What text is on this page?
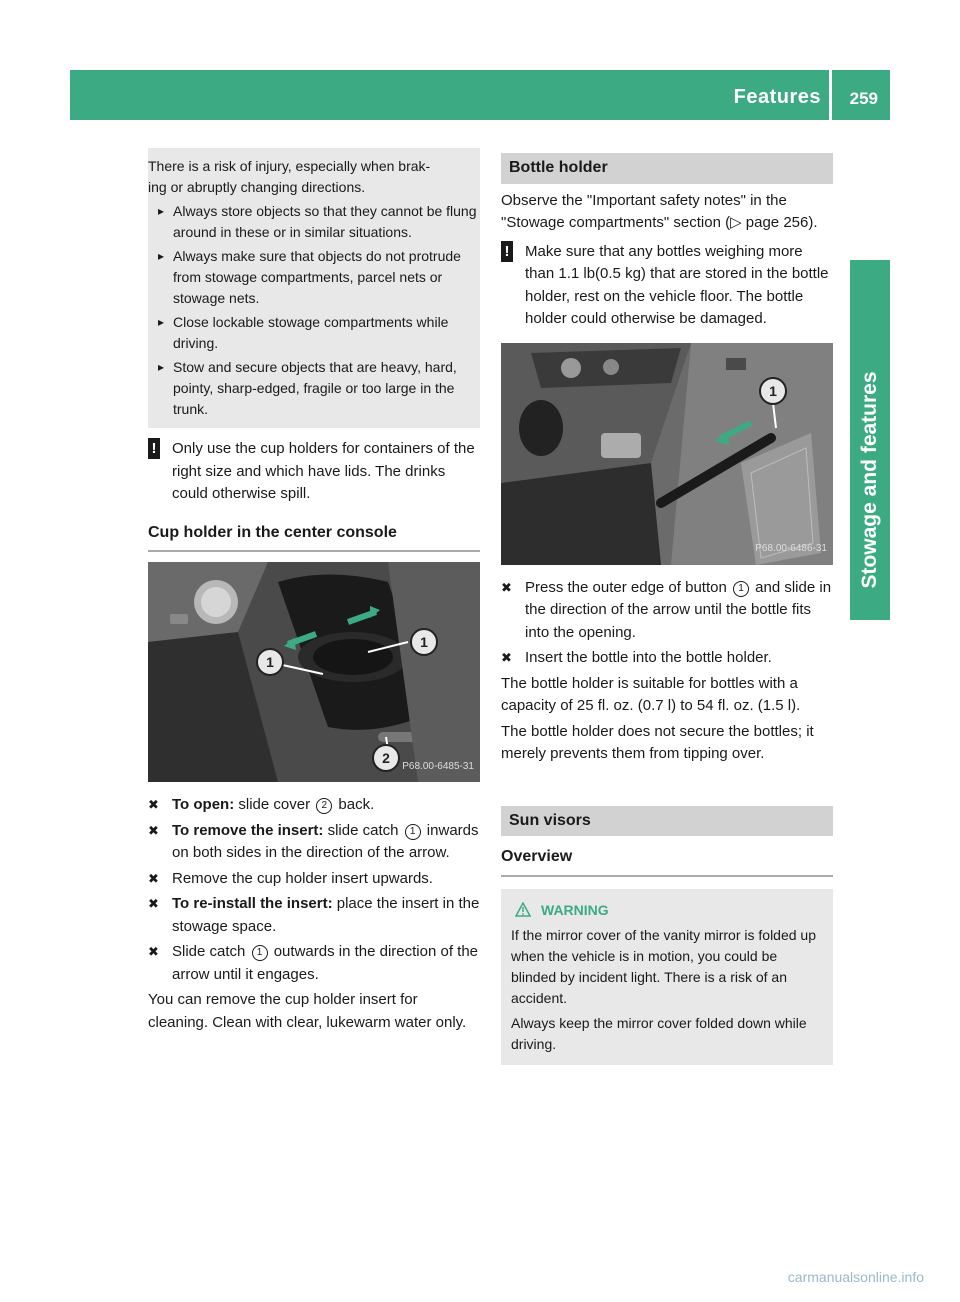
Features 259
Stowage and features

There is a risk of injury, especially when brak-
ing or abruptly changing directions.

▸ Always store objects so that they cannot be flung around in these or in similar situations.
▸ Always make sure that objects do not protrude from stowage compartments, parcel nets or stowage nets.
▸ Close lockable stowage compartments while driving.
▸ Stow and secure objects that are heavy, hard, pointy, sharp-edged, fragile or too large in the trunk.
!	Only use the cup holders for containers of the right size and which have lids. The drinks could otherwise spill.

Cup holder in the center console
1
1
2 P68.00-6485-31
✖ To open: slide cover 2 back.

✖ To remove the insert: slide catch 1 inwards on both sides in the direction of the arrow.

✖ Remove the cup holder insert upwards.

✖ To re-install the insert: place the insert in the stowage space.

✖ Slide catch 1 outwards in the direction of the arrow until it engages.

You can remove the cup holder insert for cleaning. Clean with clear, lukewarm water only.

Bottle holder

Observe the "Important safety notes" in the "Stowage compartments" section (▷ page 256).

!	Make sure that any bottles weighing more than 1.1 lb(0.5 kg) that are stored in the bottle holder, rest on the vehicle floor. The bottle holder could otherwise be damaged.

1
P68.00-6486-31
✖ Press the outer edge of button 1 and slide in the direction of the arrow until the bottle fits into the opening.

✖ Insert the bottle into the bottle holder.

The bottle holder is suitable for bottles with a capacity of 25 fl. oz. (0.7 l) to 54 fl. oz. (1.5 l).

The bottle holder does not secure the bottles; it merely prevents them from tipping over.

Sun visors
Overview
WARNING

If the mirror cover of the vanity mirror is folded up when the vehicle is in motion, you could be blinded by incident light. There is a risk of an accident.

Always keep the mirror cover folded down while driving.

carmanualsonline.info
